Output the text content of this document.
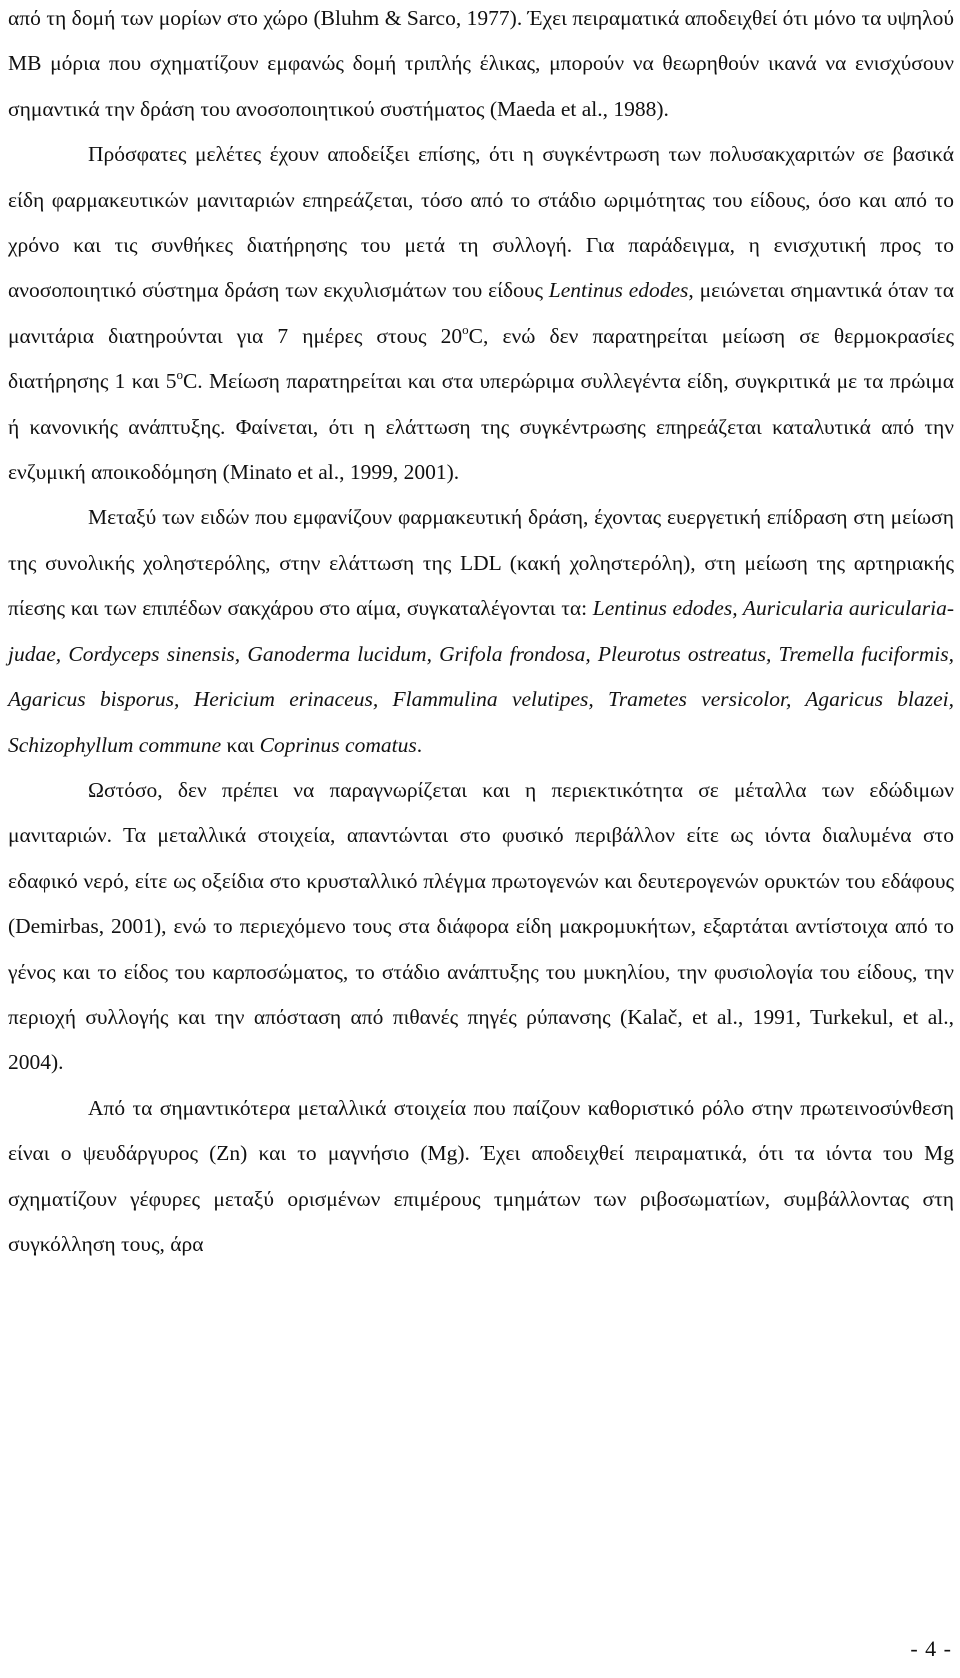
από τη δομή των μορίων στο χώρο (Bluhm & Sarco, 1977). Έχει πειραματικά αποδειχθεί ότι μόνο τα υψηλού ΜΒ μόρια που σχηματίζουν εμφανώς δομή τριπλής έλικας, μπορούν να θεωρηθούν ικανά να ενισχύσουν σημαντικά την δράση του ανοσοποιητικού συστήματος (Maeda et al., 1988).

Πρόσφατες μελέτες έχουν αποδείξει επίσης, ότι η συγκέντρωση των πολυσακχαριτών σε βασικά είδη φαρμακευτικών μανιταριών επηρεάζεται, τόσο από το στάδιο ωριμότητας του είδους, όσο και από το χρόνο και τις συνθήκες διατήρησης του μετά τη συλλογή. Για παράδειγμα, η ενισχυτική προς το ανοσοποιητικό σύστημα δράση των εκχυλισμάτων του είδους Lentinus edodes, μειώνεται σημαντικά όταν τα μανιτάρια διατηρούνται για 7 ημέρες στους 20$^o$C, ενώ δεν παρατηρείται μείωση σε θερμοκρασίες διατήρησης 1 και 5$^o$C. Μείωση παρατηρείται και στα υπερώριμα συλλεγέντα είδη, συγκριτικά με τα πρώιμα ή κανονικής ανάπτυξης. Φαίνεται, ότι η ελάττωση της συγκέντρωσης επηρεάζεται καταλυτικά από την ενζυμική αποικοδόμηση (Minato et al., 1999, 2001).

Μεταξύ των ειδών που εμφανίζουν φαρμακευτική δράση, έχοντας ευεργετική επίδραση στη μείωση της συνολικής χοληστερόλης, στην ελάττωση της LDL (κακή χοληστερόλη), στη μείωση της αρτηριακής πίεσης και των επιπέδων σακχάρου στο αίμα, συγκαταλέγονται τα: Lentinus edodes, Auricularia auricularia-judae, Cordyceps sinensis, Ganoderma lucidum, Grifola frondosa, Pleurotus ostreatus, Tremella fuciformis, Agaricus bisporus, Hericium erinaceus, Flammulina velutipes, Trametes versicolor, Agaricus blazei, Schizophyllum commune και Coprinus comatus.

Ωστόσο, δεν πρέπει να παραγνωρίζεται και η περιεκτικότητα σε μέταλλα των εδώδιμων μανιταριών. Τα μεταλλικά στοιχεία, απαντώνται στο φυσικό περιβάλλον είτε ως ιόντα διαλυμένα στο εδαφικό νερό, είτε ως οξείδια στο κρυσταλλικό πλέγμα πρωτογενών και δευτερογενών ορυκτών του εδάφους (Demirbas, 2001), ενώ το περιεχόμενο τους στα διάφορα είδη μακρομυκήτων, εξαρτάται αντίστοιχα από το γένος και το είδος του καρποσώματος, το στάδιο ανάπτυξης του μυκηλίου, την φυσιολογία του είδους, την περιοχή συλλογής και την απόσταση από πιθανές πηγές ρύπανσης (Kalač, et al., 1991, Turkekul, et al., 2004).

Από τα σημαντικότερα μεταλλικά στοιχεία που παίζουν καθοριστικό ρόλο στην πρωτεινοσύνθεση είναι ο ψευδάργυρος (Zn) και το μαγνήσιο (Mg). Έχει αποδειχθεί πειραματικά, ότι τα ιόντα του Mg σχηματίζουν γέφυρες μεταξύ ορισμένων επιμέρους τμημάτων των ριβοσωματίων, συμβάλλοντας στη συγκόλληση τους, άρα

- 4 -
